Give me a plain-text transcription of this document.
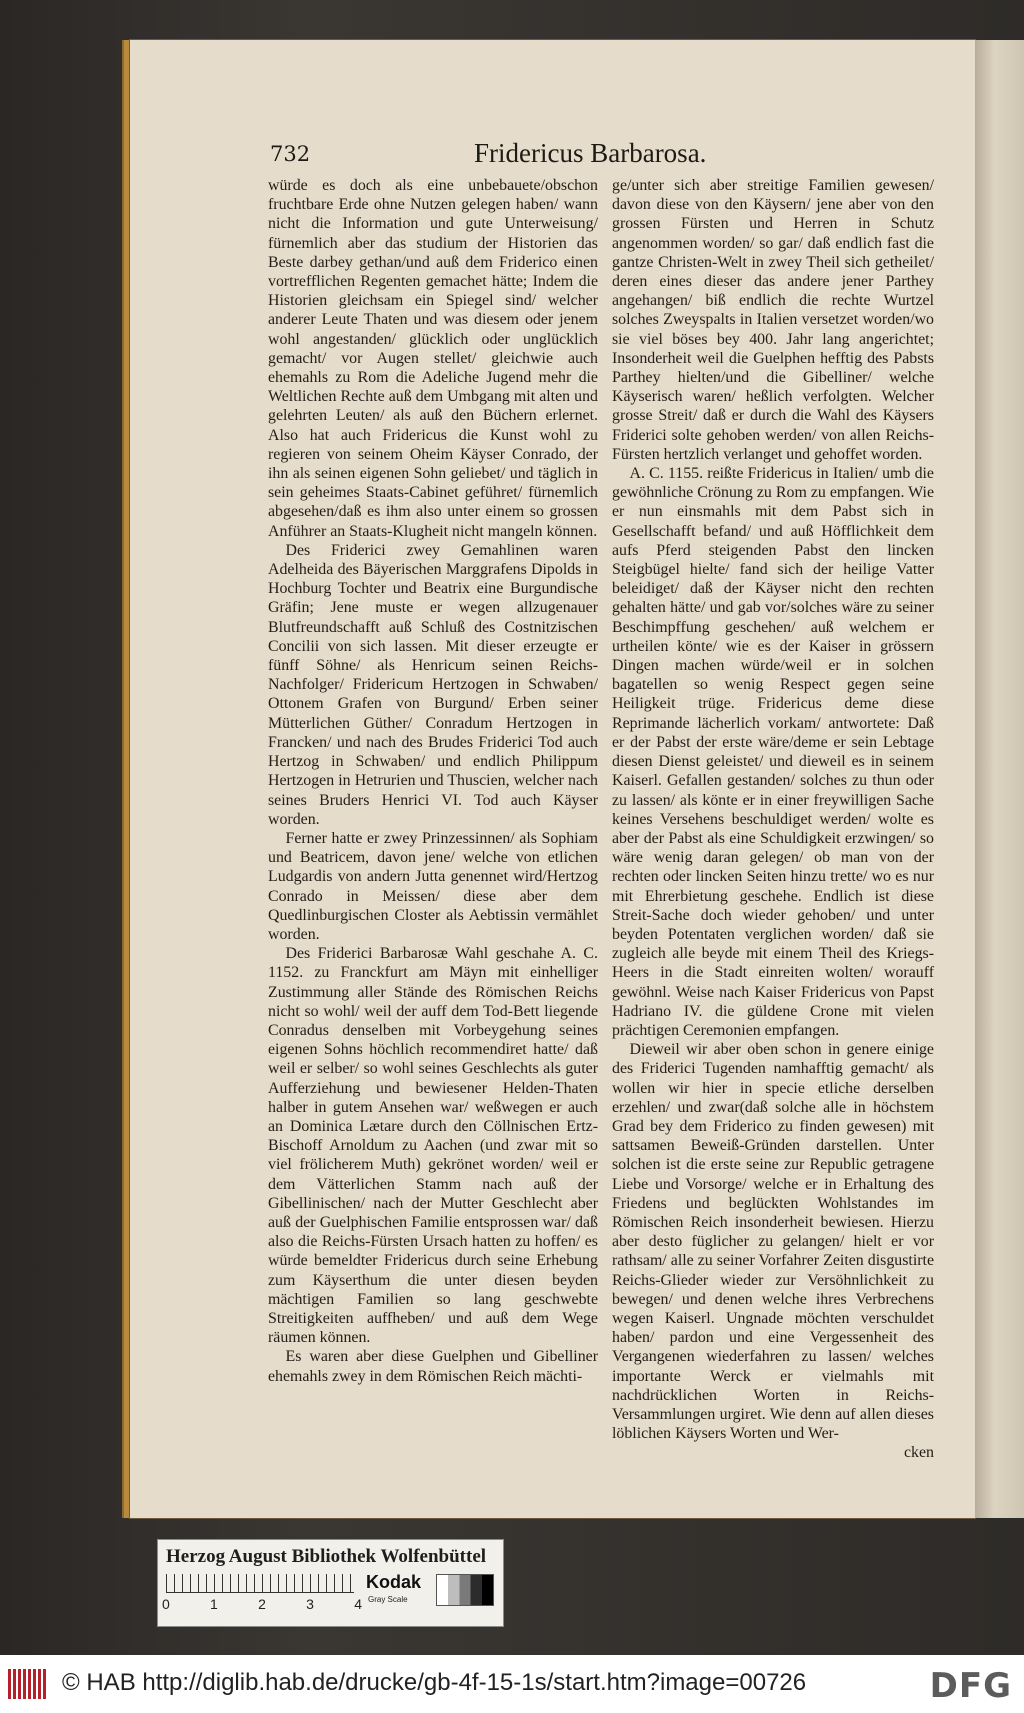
732	Fridericus Barbarosa.

würde es doch als eine unbebauete/obschon fruchtbare Erde ohne Nutzen gelegen haben/ wann nicht die Information und gute Unterweisung/ fürnemlich aber das studium der Historien das Beste darbey gethan/und auß dem Friderico einen vortrefflichen Regenten gemachet hätte; Indem die Historien gleichsam ein Spiegel sind/ welcher anderer Leute Thaten und was diesem oder jenem wohl angestanden/ glücklich oder unglücklich gemacht/ vor Augen stellet/ gleichwie auch ehemahls zu Rom die Adeliche Jugend mehr die Weltlichen Rechte auß dem Umbgang mit alten und gelehrten Leuten/ als auß den Büchern erlernet. Also hat auch Fridericus die Kunst wohl zu regieren von seinem Oheim Käyser Conrado, der ihn als seinen eigenen Sohn geliebet/ und täglich in sein geheimes Staats-Cabinet geführet/ fürnemlich abgesehen/daß es ihm also unter einem so grossen Anführer an Staats-Klugheit nicht mangeln können.

Des Friderici zwey Gemahlinen waren Adelheida des Bäyerischen Marggrafens Dipolds in Hochburg Tochter und Beatrix eine Burgundische Gräfin; Jene muste er wegen allzugenauer Blutfreundschafft auß Schluß des Costnitzischen Concilii von sich lassen. Mit dieser erzeugte er fünff Söhne/ als Henricum seinen Reichs-Nachfolger/ Fridericum Hertzogen in Schwaben/ Ottonem Grafen von Burgund/ Erben seiner Mütterlichen Güther/ Conradum Hertzogen in Francken/ und nach des Brudes Friderici Tod auch Hertzog in Schwaben/ und endlich Philippum Hertzogen in Hetrurien und Thuscien, welcher nach seines Bruders Henrici VI. Tod auch Käyser worden.

Ferner hatte er zwey Prinzessinnen/ als Sophiam und Beatricem, davon jene/ welche von etlichen Ludgardis von andern Jutta genennet wird/Hertzog Conrado in Meissen/ diese aber dem Quedlinburgischen Closter als Aebtissin vermählet worden.

Des Friderici Barbarosæ Wahl geschahe A. C. 1152. zu Franckfurt am Mäyn mit einhelliger Zustimmung aller Stände des Römischen Reichs nicht so wohl/ weil der auff dem Tod-Bett liegende Conradus denselben mit Vorbeygehung seines eigenen Sohns höchlich recommendiret hatte/ daß weil er selber/ so wohl seines Geschlechts als guter Aufferziehung und bewiesener Helden-Thaten halber in gutem Ansehen war/ weßwegen er auch an Dominica Lætare durch den Cöllnischen Ertz-Bischoff Arnoldum zu Aachen (und zwar mit so viel frölicherem Muth) gekrönet worden/ weil er dem Vätterlichen Stamm nach auß der Gibellinischen/ nach der Mutter Geschlecht aber auß der Guelphischen Familie entsprossen war/ daß also die Reichs-Fürsten Ursach hatten zu hoffen/ es würde bemeldter Fridericus durch seine Erhebung zum Käyserthum die unter diesen beyden mächtigen Familien so lang geschwebte Streitigkeiten auffheben/ und auß dem Wege räumen können.

Es waren aber diese Guelphen und Gibelliner ehemahls zwey in dem Römischen Reich mächti-

ge/unter sich aber streitige Familien gewesen/ davon diese von den Käysern/ jene aber von den grossen Fürsten und Herren in Schutz angenommen worden/ so gar/ daß endlich fast die gantze Christen-Welt in zwey Theil sich getheilet/ deren eines dieser das andere jener Parthey angehangen/ biß endlich die rechte Wurtzel solches Zweyspalts in Italien versetzet worden/wo sie viel böses bey 400. Jahr lang angerichtet; Insonderheit weil die Guelphen hefftig des Pabsts Parthey hielten/und die Gibelliner/ welche Käyserisch waren/ heßlich verfolgten. Welcher grosse Streit/ daß er durch die Wahl des Käysers Friderici solte gehoben werden/ von allen Reichs-Fürsten hertzlich verlanget und gehoffet worden.

A. C. 1155. reißte Fridericus in Italien/ umb die gewöhnliche Crönung zu Rom zu empfangen. Wie er nun einsmahls mit dem Pabst sich in Gesellschafft befand/ und auß Höfflichkeit dem aufs Pferd steigenden Pabst den lincken Steigbügel hielte/ fand sich der heilige Vatter beleidiget/ daß der Käyser nicht den rechten gehalten hätte/ und gab vor/solches wäre zu seiner Beschimpffung geschehen/ auß welchem er urtheilen könte/ wie es der Kaiser in grössern Dingen machen würde/weil er in solchen bagatellen so wenig Respect gegen seine Heiligkeit trüge. Fridericus deme diese Reprimande lächerlich vorkam/ antwortete: Daß er der Pabst der erste wäre/deme er sein Lebtage diesen Dienst geleistet/ und dieweil es in seinem Kaiserl. Gefallen gestanden/ solches zu thun oder zu lassen/ als könte er in einer freywilligen Sache keines Versehens beschuldiget werden/ wolte es aber der Pabst als eine Schuldigkeit erzwingen/ so wäre wenig daran gelegen/ ob man von der rechten oder lincken Seiten hinzu trette/ wo es nur mit Ehrerbietung geschehe. Endlich ist diese Streit-Sache doch wieder gehoben/ und unter beyden Potentaten verglichen worden/ daß sie zugleich alle beyde mit einem Theil des Kriegs-Heers in die Stadt einreiten wolten/ worauff gewöhnl. Weise nach Kaiser Fridericus von Papst Hadriano IV. die güldene Crone mit vielen prächtigen Ceremonien empfangen.

Dieweil wir aber oben schon in genere einige des Friderici Tugenden namhafftig gemacht/ als wollen wir hier in specie etliche derselben erzehlen/ und zwar(daß solche alle in höchstem Grad bey dem Friderico zu finden gewesen) mit sattsamen Beweiß-Gründen darstellen. Unter solchen ist die erste seine zur Republic getragene Liebe und Vorsorge/ welche er in Erhaltung des Friedens und beglückten Wohlstandes im Römischen Reich insonderheit bewiesen. Hierzu aber desto füglicher zu gelangen/ hielt er vor rathsam/ alle zu seiner Vorfahrer Zeiten disgustirte Reichs-Glieder wieder zur Versöhnlichkeit zu bewegen/ und denen welche ihres Verbrechens wegen Kaiserl. Ungnade möchten verschuldet haben/ pardon und eine Vergessenheit des Vergangenen wiederfahren zu lassen/ welches importante Werck er vielmahls mit nachdrücklichen Worten in Reichs-Versammlungen urgiret. Wie denn auf allen dieses löblichen Käysers Worten und Wer-

cken

Herzog August Bibliothek Wolfenbüttel
0	1	2	3	4
Kodak
Gray Scale
© HAB http://diglib.hab.de/drucke/gb-4f-15-1s/start.htm?image=00726	DFG
